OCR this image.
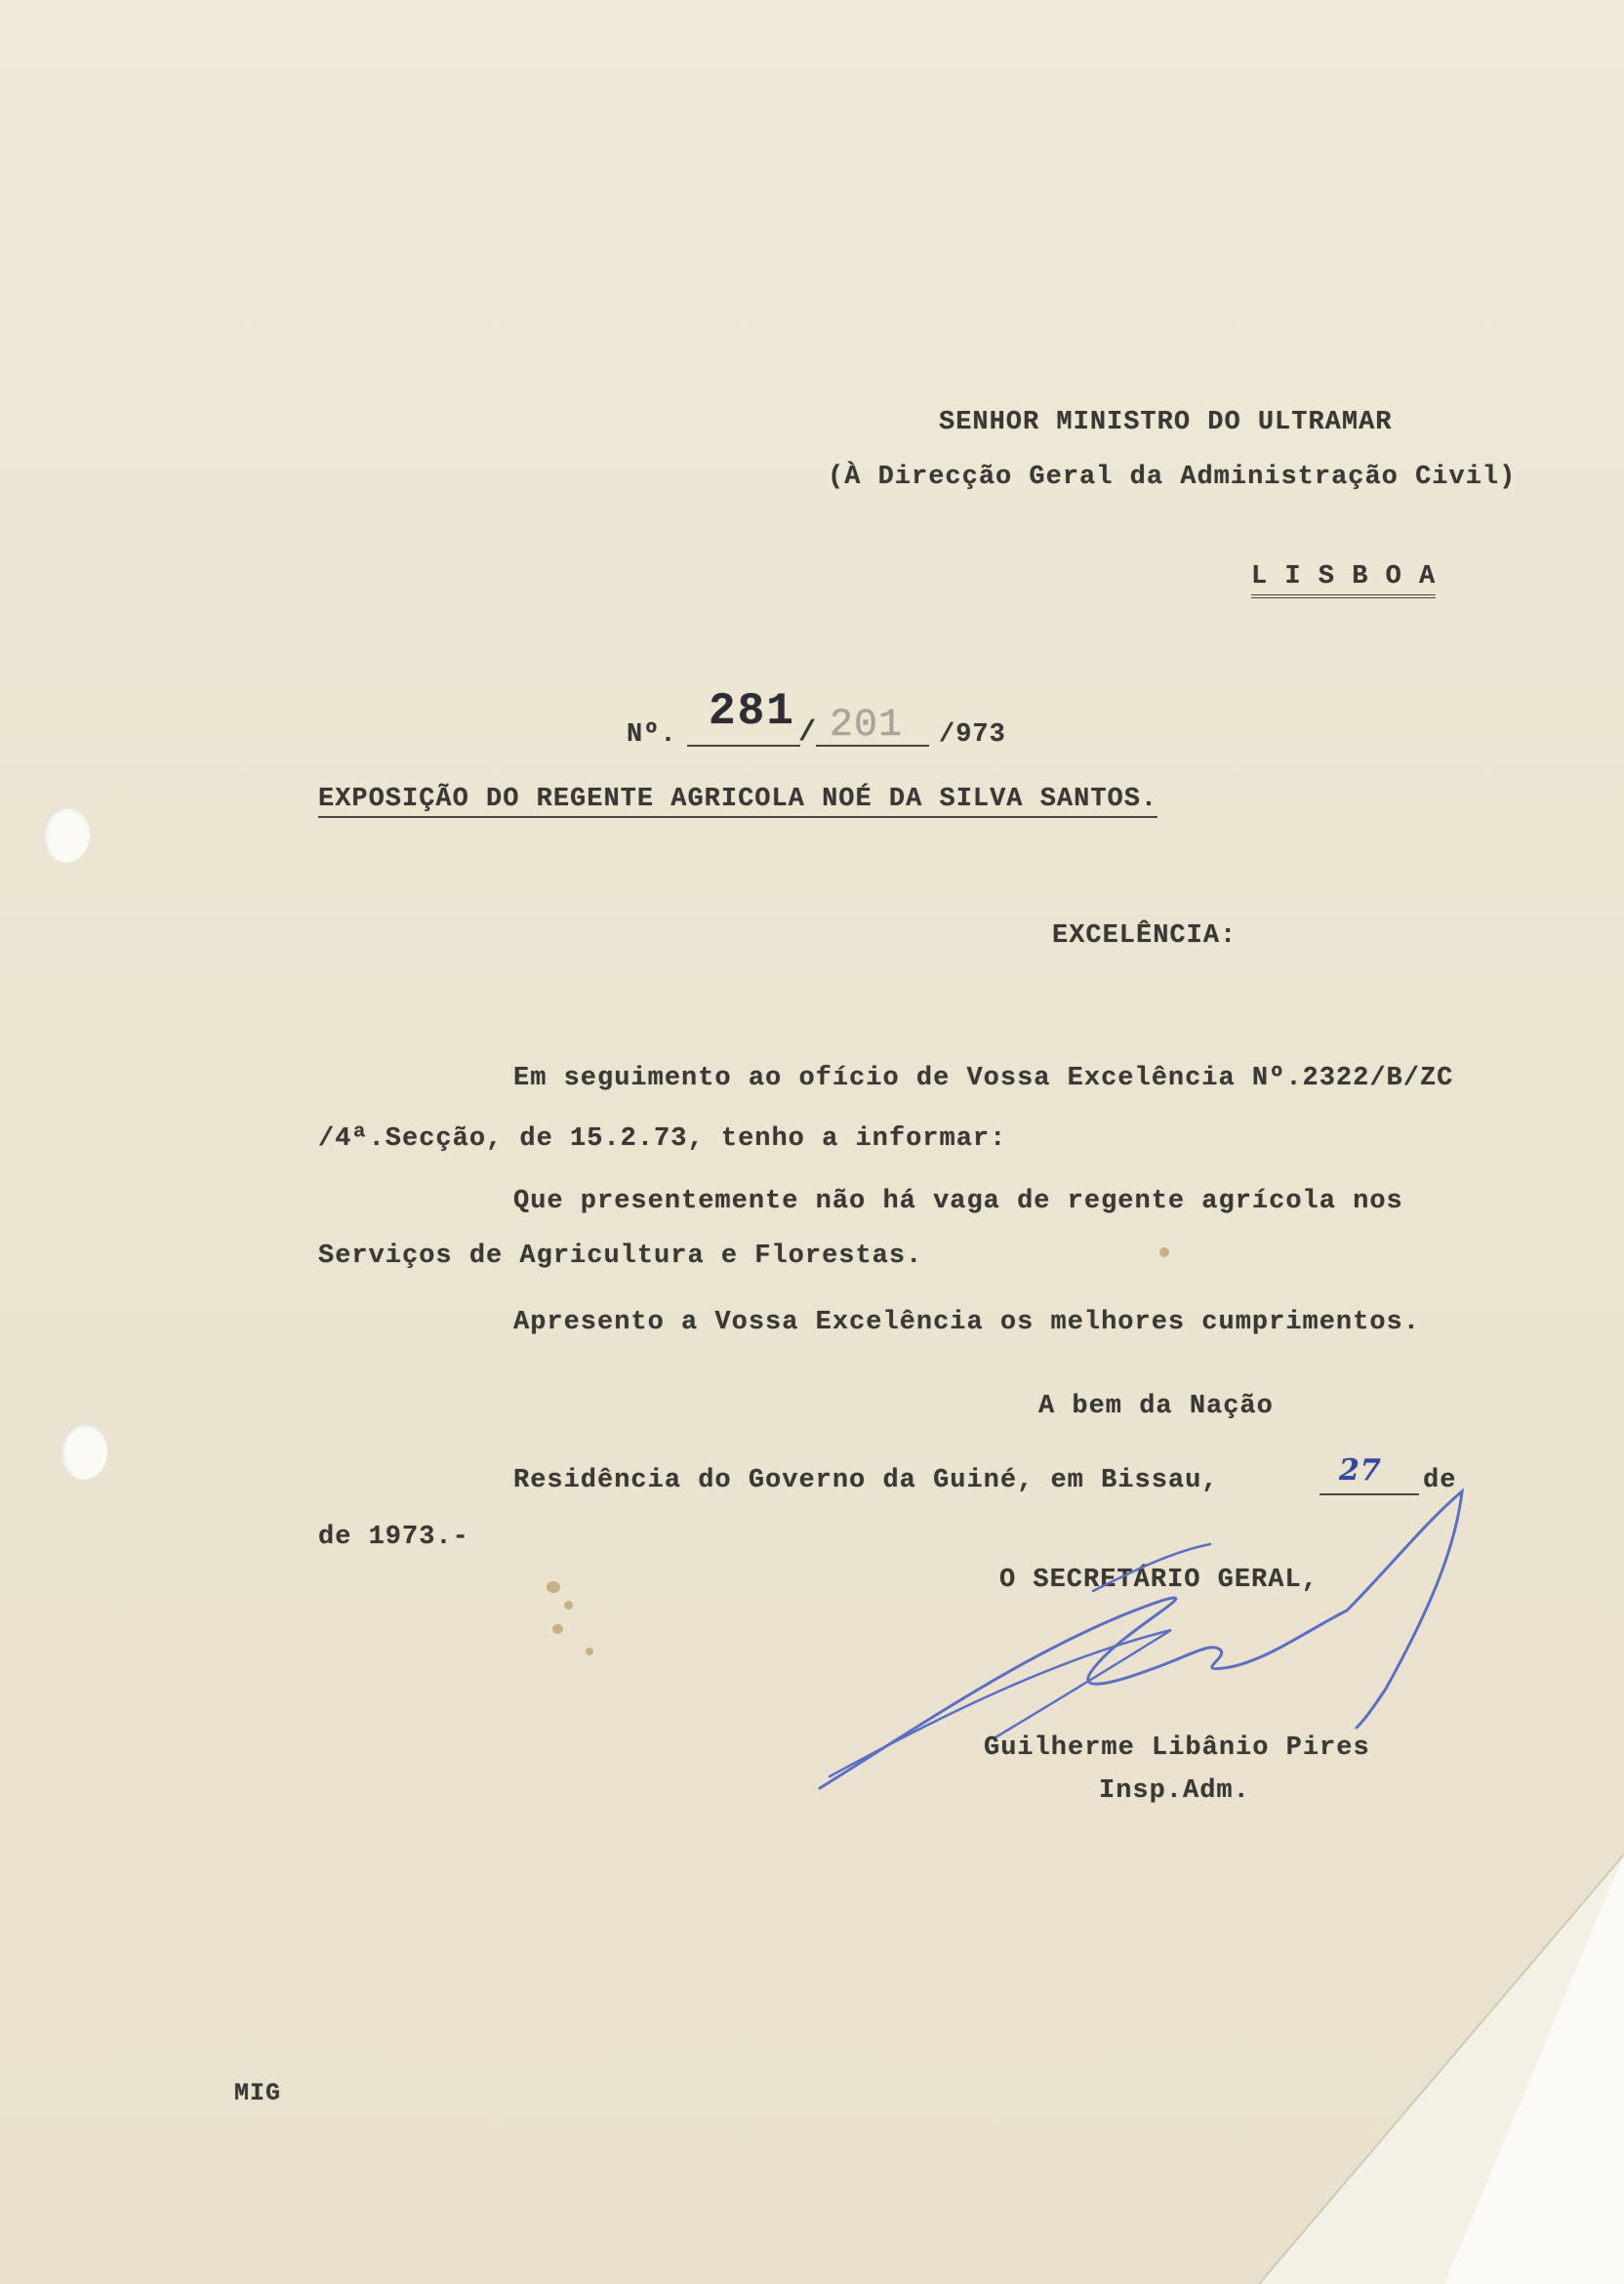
SENHOR MINISTRO DO ULTRAMAR
(À Direcção Geral da Administração Civil)
L I S B O A
Nº. 281 / 201 /973
EXPOSIÇÃO DO REGENTE AGRICOLA NOÉ DA SILVA SANTOS.
EXCELÊNCIA:
Em seguimento ao ofício de Vossa Excelência Nº.2322/B/ZC
/4ª.Secção, de 15.2.73, tenho a informar:
Que presentemente não há vaga de regente agrícola nos
Serviços de Agricultura e Florestas.
Apresento a Vossa Excelência os melhores cumprimentos.
A bem da Nação
Residência do Governo da Guiné, em Bissau,	27 de
de 1973.-
O SECRETÁRIO GERAL,
Guilherme Libânio Pires
Insp.Adm.
MIG
